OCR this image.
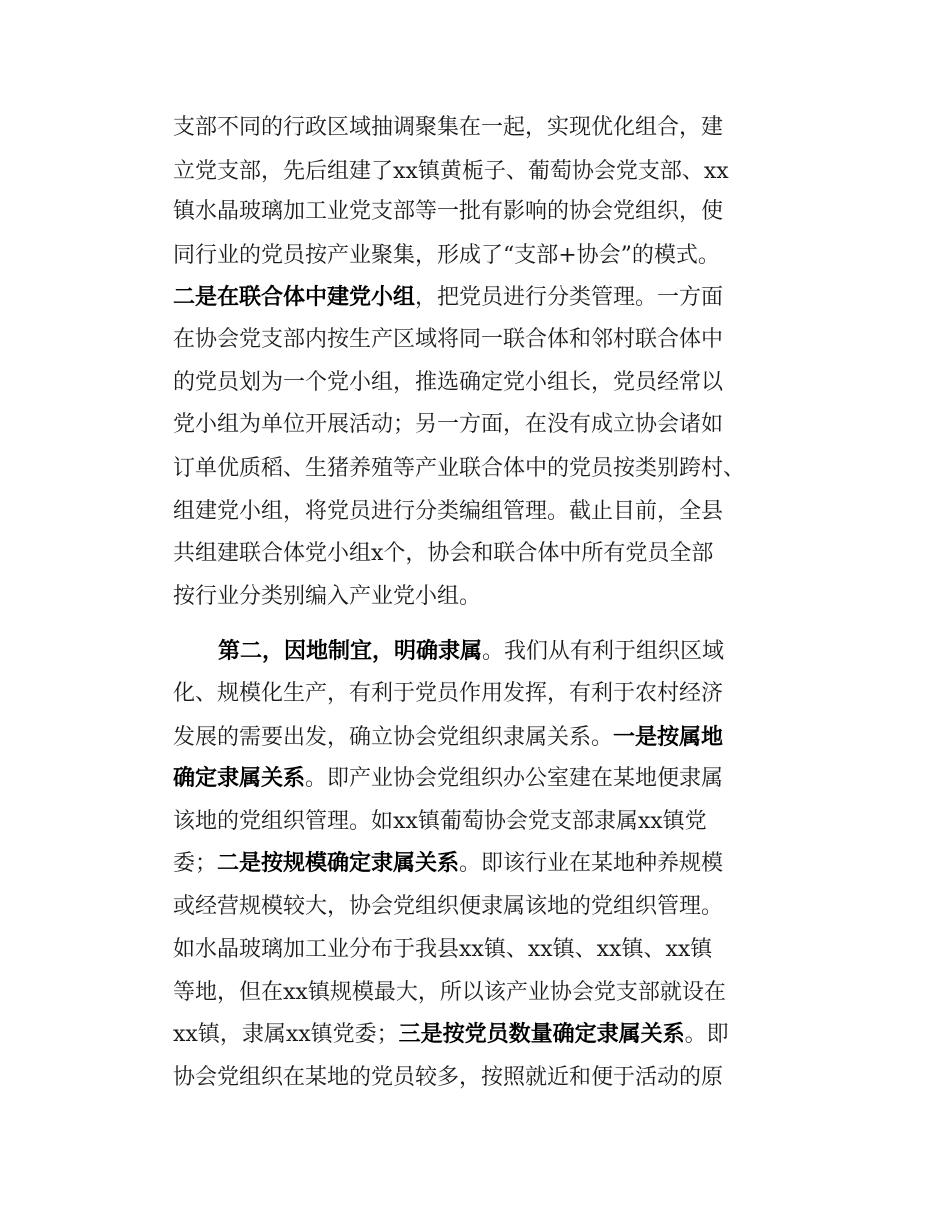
支部不同的行政区域抽调聚集在一起，实现优化组合，建
立党支部，先后组建了xx镇黄栀子、葡萄协会党支部、xx
镇水晶玻璃加工业党支部等一批有影响的协会党组织，使
同行业的党员按产业聚集，形成了“支部+协会”的模式。
二是在联合体中建党小组，把党员进行分类管理。一方面
在协会党支部内按生产区域将同一联合体和邻村联合体中
的党员划为一个党小组，推选确定党小组长，党员经常以
党小组为单位开展活动；另一方面，在没有成立协会诸如
订单优质稻、生猪养殖等产业联合体中的党员按类别跨村、
组建党小组，将党员进行分类编组管理。截止目前，全县
共组建联合体党小组x个，协会和联合体中所有党员全部
按行业分类别编入产业党小组。
第二，因地制宜，明确隶属。我们从有利于组织区域
化、规模化生产，有利于党员作用发挥，有利于农村经济
发展的需要出发，确立协会党组织隶属关系。一是按属地
确定隶属关系。即产业协会党组织办公室建在某地便隶属
该地的党组织管理。如xx镇葡萄协会党支部隶属xx镇党
委；二是按规模确定隶属关系。即该行业在某地种养规模
或经营规模较大，协会党组织便隶属该地的党组织管理。
如水晶玻璃加工业分布于我县xx镇、xx镇、xx镇、xx镇
等地，但在xx镇规模最大，所以该产业协会党支部就设在
xx镇，隶属xx镇党委；三是按党员数量确定隶属关系。即
协会党组织在某地的党员较多，按照就近和便于活动的原
